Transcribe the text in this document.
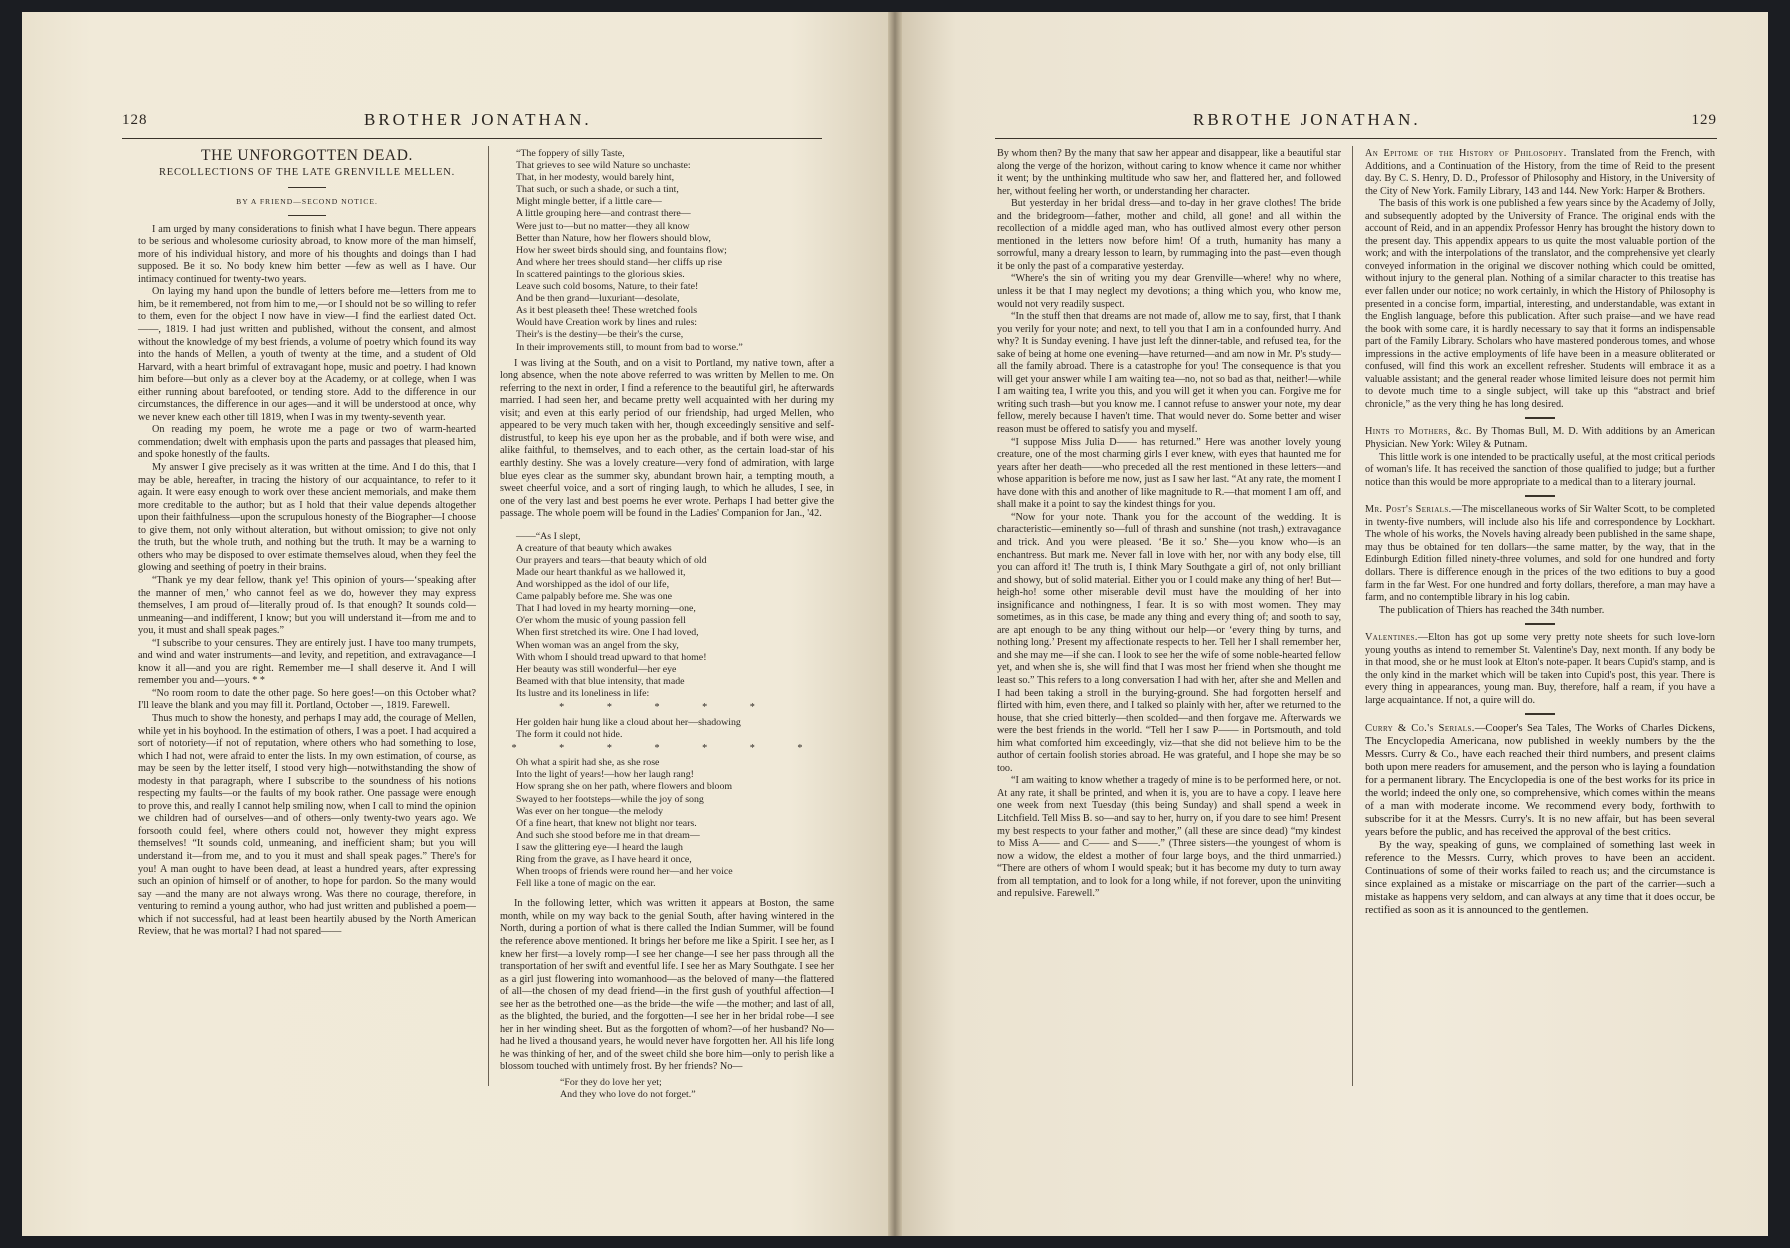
128	BROTHER JONATHAN.
THE UNFORGOTTEN DEAD.
RECOLLECTIONS OF THE LATE GRENVILLE MELLEN.
BY A FRIEND—SECOND NOTICE.

I am urged by many considerations to finish what I have begun. There appears to be serious and wholesome curiosity abroad, to know more of the man himself, more of his individual history, and more of his thoughts and doings than I had supposed. Be it so. No body knew him better —few as well as I have. Our intimacy continued for twenty-two years.

On laying my hand upon the bundle of letters before me—letters from me to him, be it remembered, not from him to me,—or I should not be so willing to refer to them, even for the object I now have in view—I find the earliest dated Oct. ——, 1819. I had just written and published, without the consent, and almost without the knowledge of my best friends, a volume of poetry which found its way into the hands of Mellen, a youth of twenty at the time, and a student of Old Harvard, with a heart brimful of extravagant hope, music and poetry. I had known him before—but only as a clever boy at the Academy, or at college, when I was either running about barefooted, or tending store. Add to the difference in our circumstances, the difference in our ages—and it will be understood at once, why we never knew each other till 1819, when I was in my twenty-seventh year.

On reading my poem, he wrote me a page or two of warm-hearted commendation; dwelt with emphasis upon the parts and passages that pleased him, and spoke honestly of the faults.

My answer I give precisely as it was written at the time. And I do this, that I may be able, hereafter, in tracing the history of our acquaintance, to refer to it again. It were easy enough to work over these ancient memorials, and make them more creditable to the author; but as I hold that their value depends altogether upon their faithfulness—upon the scrupulous honesty of the Biographer—I choose to give them, not only without alteration, but without omission; to give not only the truth, but the whole truth, and nothing but the truth. It may be a warning to others who may be disposed to over estimate themselves aloud, when they feel the glowing and seething of poetry in their brains.

“Thank ye my dear fellow, thank ye! This opinion of yours—‘speaking after the manner of men,’ who cannot feel as we do, however they may express themselves, I am proud of—literally proud of. Is that enough? It sounds cold—unmeaning—and indifferent, I know; but you will understand it—from me and to you, it must and shall speak pages.”

“I subscribe to your censures. They are entirely just. I have too many trumpets, and wind and water instruments—and levity, and repetition, and extravagance—I know it all—and you are right. Remember me—I shall deserve it. And I will remember you and—yours. * *

“No room room to date the other page. So here goes!—on this October what? I'll leave the blank and you may fill it. Portland, October —, 1819. Farewell.

Thus much to show the honesty, and perhaps I may add, the courage of Mellen, while yet in his boyhood. In the estimation of others, I was a poet. I had acquired a sort of notoriety—if not of reputation, where others who had something to lose, which I had not, were afraid to enter the lists. In my own estimation, of course, as may be seen by the letter itself, I stood very high—notwithstanding the show of modesty in that paragraph, where I subscribe to the soundness of his notions respecting my faults—or the faults of my book rather. One passage were enough to prove this, and really I cannot help smiling now, when I call to mind the opinion we children had of ourselves—and of others—only twenty-two years ago. We forsooth could feel, where others could not, however they might express themselves! “It sounds cold, unmeaning, and inefficient sham; but you will understand it—from me, and to you it must and shall speak pages.” There's for you! A man ought to have been dead, at least a hundred years, after expressing such an opinion of himself or of another, to hope for pardon. So the many would say —and the many are not always wrong. Was there no courage, therefore, in venturing to remind a young author, who had just written and published a poem—which if not successful, had at least been heartily abused by the North American Review, that he was mortal? I had not spared——

“The foppery of silly Taste,
That grieves to see wild Nature so unchaste:
That, in her modesty, would barely hint,
That such, or such a shade, or such a tint,
Might mingle better, if a little care—
A little grouping here—and contrast there—
Were just to—but no matter—they all know
Better than Nature, how her flowers should blow,
How her sweet birds should sing, and fountains flow;
And where her trees should stand—her cliffs up rise
In scattered paintings to the glorious skies.
Leave such cold bosoms, Nature, to their fate!
And be then grand—luxuriant—desolate,
As it best pleaseth thee! These wretched fools
Would have Creation work by lines and rules:
Their's is the destiny—be their's the curse,
In their improvements still, to mount from bad to worse.”

I was living at the South, and on a visit to Portland, my native town, after a long absence, when the note above referred to was written by Mellen to me. On referring to the next in order, I find a reference to the beautiful girl, he afterwards married. I had seen her, and became pretty well acquainted with her during my visit; and even at this early period of our friendship, had urged Mellen, who appeared to be very much taken with her, though exceedingly sensitive and self-distrustful, to keep his eye upon her as the probable, and if both were wise, and alike faithful, to themselves, and to each other, as the certain load-star of his earthly destiny. She was a lovely creature—very fond of admiration, with large blue eyes clear as the summer sky, abundant brown hair, a tempting mouth, a sweet cheerful voice, and a sort of ringing laugh, to which he alludes, I see, in one of the very last and best poems he ever wrote. Perhaps I had better give the passage. The whole poem will be found in the Ladies' Companion for Jan., '42.

——“As I slept,
A creature of that beauty which awakes
Our prayers and tears—that beauty which of old
Made our heart thankful as we hallowed it,
And worshipped as the idol of our life,
Came palpably before me. She was one
That I had loved in my hearty morning—one,
O'er whom the music of young passion fell
When first stretched its wire. One I had loved,
When woman was an angel from the sky,
With whom I should tread upward to that home!
Her beauty was still wonderful—her eye
Beamed with that blue intensity, that made
Its lustre and its loneliness in life:
* * * * *
Her golden hair hung like a cloud about her—shadowing
The form it could not hide.
* * * * * * *
Oh what a spirit had she, as she rose
Into the light of years!—how her laugh rang!
How sprang she on her path, where flowers and bloom
Swayed to her footsteps—while the joy of song
Was ever on her tongue—the melody
Of a fine heart, that knew not blight nor tears.
And such she stood before me in that dream—
I saw the glittering eye—I heard the laugh
Ring from the grave, as I have heard it once,
When troops of friends were round her—and her voice
Fell like a tone of magic on the ear.

In the following letter, which was written it appears at Boston, the same month, while on my way back to the genial South, after having wintered in the North, during a portion of what is there called the Indian Summer, will be found the reference above mentioned. It brings her before me like a Spirit. I see her, as I knew her first—a lovely romp—I see her change—I see her pass through all the transportation of her swift and eventful life. I see her as Mary Southgate. I see her as a girl just flowering into womanhood—as the beloved of many—the flattered of all—the chosen of my dead friend—in the first gush of youthful affection—I see her as the betrothed one—as the bride—the wife —the mother; and last of all, as the blighted, the buried, and the forgotten—I see her in her bridal robe—I see her in her winding sheet. But as the forgotten of whom?—of her husband? No—had he lived a thousand years, he would never have forgotten her. All his life long he was thinking of her, and of the sweet child she bore him—only to perish like a blossom touched with untimely frost. By her friends? No—

“For they do love her yet;
And they who love do not forget.”
RBROTHE JONATHAN.	129

By whom then? By the many that saw her appear and disappear, like a beautiful star along the verge of the horizon, without caring to know whence it came nor whither it went; by the unthinking multitude who saw her, and flattered her, and followed her, without feeling her worth, or understanding her character.

But yesterday in her bridal dress—and to-day in her grave clothes! The bride and the bridegroom—father, mother and child, all gone! and all within the recollection of a middle aged man, who has outlived almost every other person mentioned in the letters now before him! Of a truth, humanity has many a sorrowful, many a dreary lesson to learn, by rummaging into the past—even though it be only the past of a comparative yesterday.

“Where's the sin of writing you my dear Grenville—where! why no where, unless it be that I may neglect my devotions; a thing which you, who know me, would not very readily suspect.

“In the stuff then that dreams are not made of, allow me to say, first, that I thank you verily for your note; and next, to tell you that I am in a confounded hurry. And why? It is Sunday evening. I have just left the dinner-table, and refused tea, for the sake of being at home one evening—have returned—and am now in Mr. P's study—all the family abroad. There is a catastrophe for you! The consequence is that you will get your answer while I am waiting tea—no, not so bad as that, neither!—while I am waiting tea, I write you this, and you will get it when you can. Forgive me for writing such trash—but you know me. I cannot refuse to answer your note, my dear fellow, merely because I haven't time. That would never do. Some better and wiser reason must be offered to satisfy you and myself.

“I suppose Miss Julia D—— has returned.” Here was another lovely young creature, one of the most charming girls I ever knew, with eyes that haunted me for years after her death——who preceded all the rest mentioned in these letters—and whose apparition is before me now, just as I saw her last. “At any rate, the moment I have done with this and another of like magnitude to R.—that moment I am off, and shall make it a point to say the kindest things for you.

“Now for your note. Thank you for the account of the wedding. It is characteristic—eminently so—full of thrash and sunshine (not trash,) extravagance and trick. And you were pleased. ‘Be it so.’ She—you know who—is an enchantress. But mark me. Never fall in love with her, nor with any body else, till you can afford it! The truth is, I think Mary Southgate a girl of, not only brilliant and showy, but of solid material. Either you or I could make any thing of her! But—heigh-ho! some other miserable devil must have the moulding of her into insignificance and nothingness, I fear. It is so with most women. They may sometimes, as in this case, be made any thing and every thing of; and sooth to say, are apt enough to be any thing without our help—or ‘every thing by turns, and nothing long.’ Present my affectionate respects to her. Tell her I shall remember her, and she may me—if she can. I look to see her the wife of some noble-hearted fellow yet, and when she is, she will find that I was most her friend when she thought me least so.” This refers to a long conversation I had with her, after she and Mellen and I had been taking a stroll in the burying-ground. She had forgotten herself and flirted with him, even there, and I talked so plainly with her, after we returned to the house, that she cried bitterly—then scolded—and then forgave me. Afterwards we were the best friends in the world. “Tell her I saw P—— in Portsmouth, and told him what comforted him exceedingly, viz—that she did not believe him to be the author of certain foolish stories abroad. He was grateful, and I hope she may be so too.

“I am waiting to know whether a tragedy of mine is to be performed here, or not. At any rate, it shall be printed, and when it is, you are to have a copy. I leave here one week from next Tuesday (this being Sunday) and shall spend a week in Litchfield. Tell Miss B. so—and say to her, hurry on, if you dare to see him! Present my best respects to your father and mother,” (all these are since dead) “my kindest to Miss A—— and C—— and S——.” (Three sisters—the youngest of whom is now a widow, the eldest a mother of four large boys, and the third unmarried.) “There are others of whom I would speak; but it has become my duty to turn away from all temptation, and to look for a long while, if not forever, upon the uninviting and repulsive. Farewell.”

An Epitome of the History of Philosophy. Translated from the French, with Additions, and a Continuation of the History, from the time of Reid to the present day. By C. S. Henry, D. D., Professor of Philosophy and History, in the University of the City of New York. Family Library, 143 and 144. New York: Harper & Brothers.

The basis of this work is one published a few years since by the Academy of Jolly, and subsequently adopted by the University of France. The original ends with the account of Reid, and in an appendix Professor Henry has brought the history down to the present day. This appendix appears to us quite the most valuable portion of the work; and with the interpolations of the translator, and the comprehensive yet clearly conveyed information in the original we discover nothing which could be omitted, without injury to the general plan. Nothing of a similar character to this treatise has ever fallen under our notice; no work certainly, in which the History of Philosophy is presented in a concise form, impartial, interesting, and understandable, was extant in the English language, before this publication. After such praise—and we have read the book with some care, it is hardly necessary to say that it forms an indispensable part of the Family Library. Scholars who have mastered ponderous tomes, and whose impressions in the active employments of life have been in a measure obliterated or confused, will find this work an excellent refresher. Students will embrace it as a valuable assistant; and the general reader whose limited leisure does not permit him to devote much time to a single subject, will take up this “abstract and brief chronicle,” as the very thing he has long desired.

Hints to Mothers, &c. By Thomas Bull, M. D. With additions by an American Physician. New York: Wiley & Putnam.

This little work is one intended to be practically useful, at the most critical periods of woman's life. It has received the sanction of those qualified to judge; but a further notice than this would be more appropriate to a medical than to a literary journal.

Mr. Post's Serials.—The miscellaneous works of Sir Walter Scott, to be completed in twenty-five numbers, will include also his life and correspondence by Lockhart. The whole of his works, the Novels having already been published in the same shape, may thus be obtained for ten dollars—the same matter, by the way, that in the Edinburgh Edition filled ninety-three volumes, and sold for one hundred and forty dollars. There is difference enough in the prices of the two editions to buy a good farm in the far West. For one hundred and forty dollars, therefore, a man may have a farm, and no contemptible library in his log cabin.

The publication of Thiers has reached the 34th number.

Valentines.—Elton has got up some very pretty note sheets for such love-lorn young youths as intend to remember St. Valentine's Day, next month. If any body be in that mood, she or he must look at Elton's note-paper. It bears Cupid's stamp, and is the only kind in the market which will be taken into Cupid's post, this year. There is every thing in appearances, young man. Buy, therefore, half a ream, if you have a large acquaintance. If not, a quire will do.

Curry & Co.'s Serials.—Cooper's Sea Tales, The Works of Charles Dickens, The Encyclopedia Americana, now published in weekly numbers by the the Messrs. Curry & Co., have each reached their third numbers, and present claims both upon mere readers for amusement, and the person who is laying a foundation for a permanent library. The Encyclopedia is one of the best works for its price in the world; indeed the only one, so comprehensive, which comes within the means of a man with moderate income. We recommend every body, forthwith to subscribe for it at the Messrs. Curry's. It is no new affair, but has been several years before the public, and has received the approval of the best critics.

By the way, speaking of guns, we complained of something last week in reference to the Messrs. Curry, which proves to have been an accident. Continuations of some of their works failed to reach us; and the circumstance is since explained as a mistake or miscarriage on the part of the carrier—such a mistake as happens very seldom, and can always at any time that it does occur, be rectified as soon as it is announced to the gentlemen.
